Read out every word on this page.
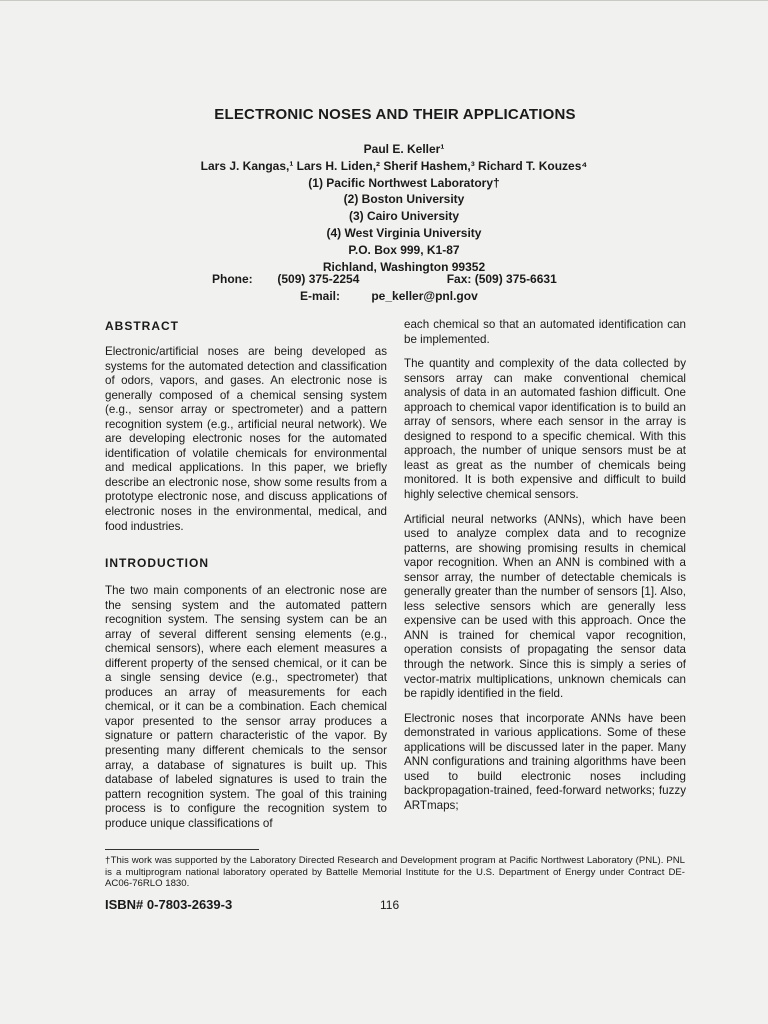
ELECTRONIC NOSES AND THEIR APPLICATIONS
Paul E. Keller¹
Lars J. Kangas,¹ Lars H. Liden,² Sherif Hashem,³ Richard T. Kouzes⁴
(1) Pacific Northwest Laboratory†
(2) Boston University
(3) Cairo University
(4) West Virginia University
P.O. Box 999, K1-87
Richland, Washington 99352
Phone: (509) 375-2254	Fax: (509) 375-6631
E-mail:	pe_keller@pnl.gov
ABSTRACT

Electronic/artificial noses are being developed as systems for the automated detection and classification of odors, vapors, and gases. An electronic nose is generally composed of a chemical sensing system (e.g., sensor array or spectrometer) and a pattern recognition system (e.g., artificial neural network). We are developing electronic noses for the automated identification of volatile chemicals for environmental and medical applications. In this paper, we briefly describe an electronic nose, show some results from a prototype electronic nose, and discuss applications of electronic noses in the environmental, medical, and food industries.

INTRODUCTION

The two main components of an electronic nose are the sensing system and the automated pattern recognition system. The sensing system can be an array of several different sensing elements (e.g., chemical sensors), where each element measures a different property of the sensed chemical, or it can be a single sensing device (e.g., spectrometer) that produces an array of measurements for each chemical, or it can be a combination. Each chemical vapor presented to the sensor array produces a signature or pattern characteristic of the vapor. By presenting many different chemicals to the sensor array, a database of signatures is built up. This database of labeled signatures is used to train the pattern recognition system. The goal of this training process is to configure the recognition system to produce unique classifications of

each chemical so that an automated identification can be implemented.

The quantity and complexity of the data collected by sensors array can make conventional chemical analysis of data in an automated fashion difficult. One approach to chemical vapor identification is to build an array of sensors, where each sensor in the array is designed to respond to a specific chemical. With this approach, the number of unique sensors must be at least as great as the number of chemicals being monitored. It is both expensive and difficult to build highly selective chemical sensors.

Artificial neural networks (ANNs), which have been used to analyze complex data and to recognize patterns, are showing promising results in chemical vapor recognition. When an ANN is combined with a sensor array, the number of detectable chemicals is generally greater than the number of sensors [1]. Also, less selective sensors which are generally less expensive can be used with this approach. Once the ANN is trained for chemical vapor recognition, operation consists of propagating the sensor data through the network. Since this is simply a series of vector-matrix multiplications, unknown chemicals can be rapidly identified in the field.

Electronic noses that incorporate ANNs have been demonstrated in various applications. Some of these applications will be discussed later in the paper. Many ANN configurations and training algorithms have been used to build electronic noses including backpropagation-trained, feed-forward networks; fuzzy ARTmaps;

†This work was supported by the Laboratory Directed Research and Development program at Pacific Northwest Laboratory (PNL). PNL is a multiprogram national laboratory operated by Battelle Memorial Institute for the U.S. Department of Energy under Contract DE-AC06-76RLO 1830.
ISBN# 0-7803-2639-3	116
